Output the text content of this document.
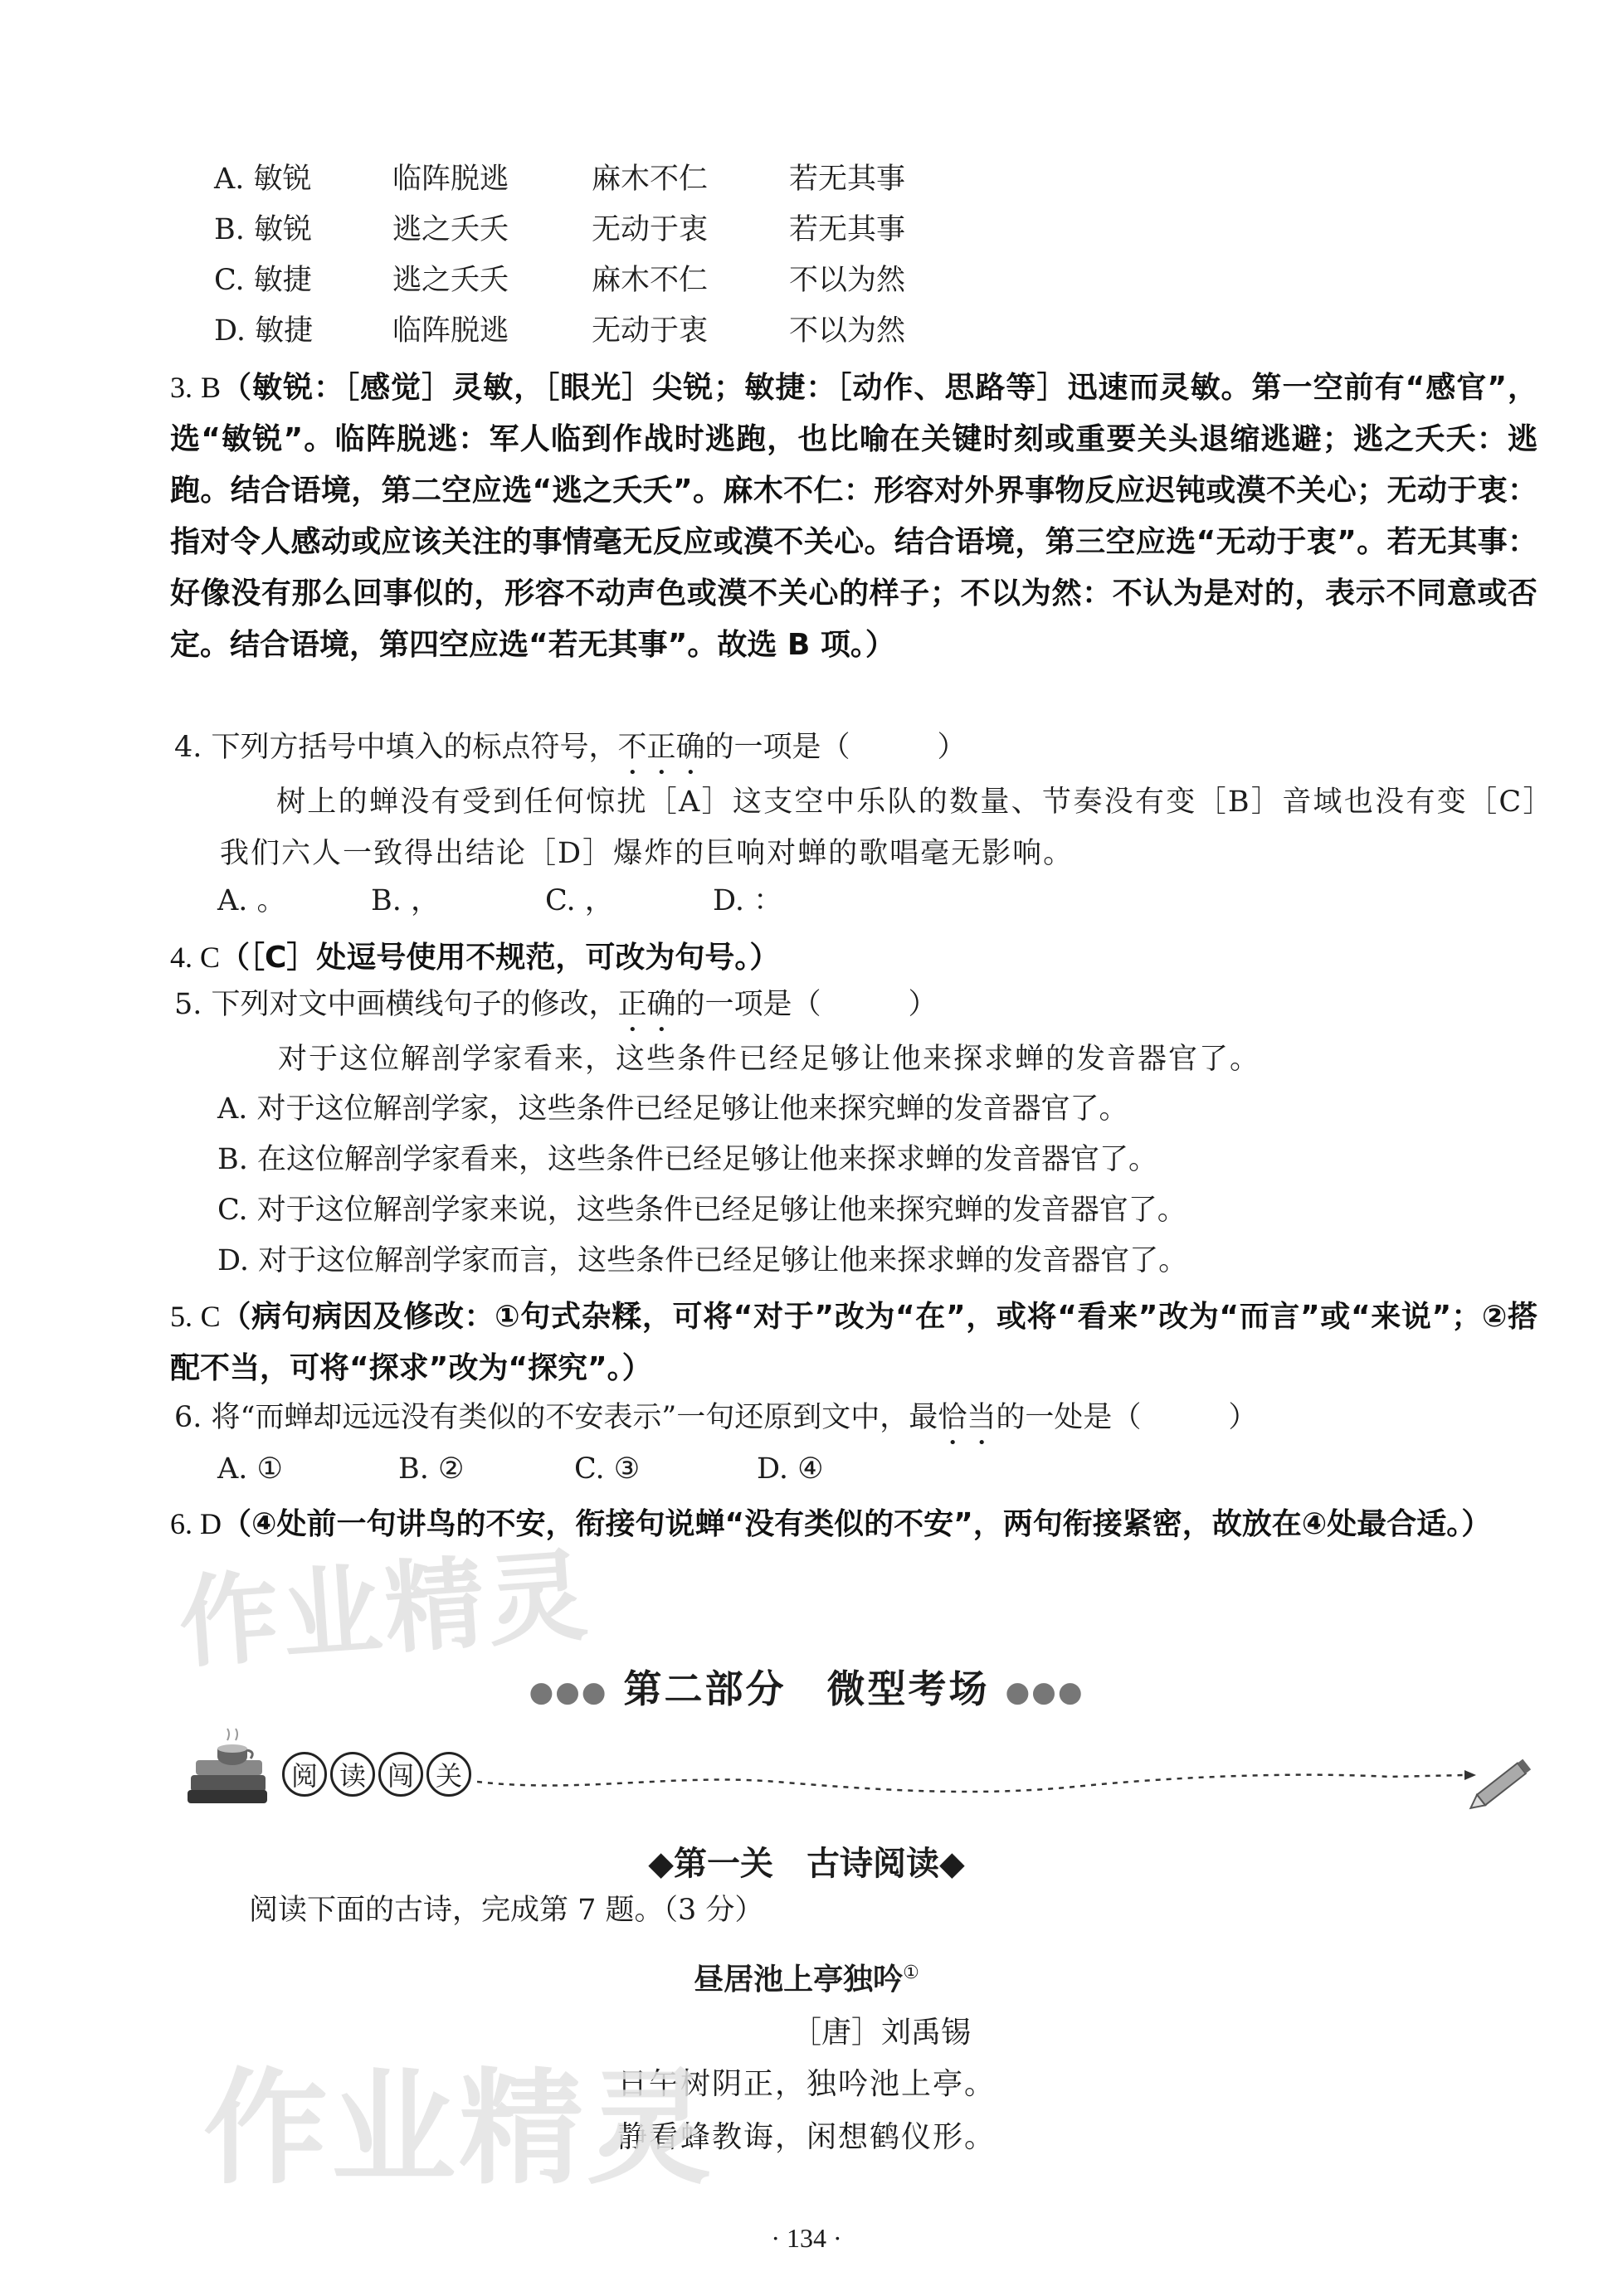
A. 敏锐	临阵脱逃	麻木不仁	若无其事
B. 敏锐	逃之夭夭	无动于衷	若无其事
C. 敏捷	逃之夭夭	麻木不仁	不以为然
D. 敏捷	临阵脱逃	无动于衷	不以为然
3. B（敏锐：［感觉］灵敏，［眼光］尖锐；敏捷：［动作、思路等］迅速而灵敏。第一空前有“感官”，选“敏锐”。临阵脱逃：军人临到作战时逃跑，也比喻在关键时刻或重要关头退缩逃避；逃之夭夭：逃跑。结合语境，第二空应选“逃之夭夭”。麻木不仁：形容对外界事物反应迟钝或漠不关心；无动于衷：指对令人感动或应该关注的事情毫无反应或漠不关心。结合语境，第三空应选“无动于衷”。若无其事：好像没有那么回事似的，形容不动声色或漠不关心的样子；不以为然：不认为是对的，表示不同意或否定。结合语境，第四空应选“若无其事”。故选 B 项。）
4. 下列方括号中填入的标点符号，不正确的一项是（　　　）
树上的蝉没有受到任何惊扰［A］这支空中乐队的数量、节奏没有变［B］音域也没有变［C］我们六人一致得出结论［D］爆炸的巨响对蝉的歌唱毫无影响。
A. 。	B. ，	C. ，	D. ：
4. C（［C］处逗号使用不规范，可改为句号。）
5. 下列对文中画横线句子的修改，正确的一项是（　　　）
对于这位解剖学家看来，这些条件已经足够让他来探求蝉的发音器官了。
A. 对于这位解剖学家，这些条件已经足够让他来探究蝉的发音器官了。
B. 在这位解剖学家看来，这些条件已经足够让他来探求蝉的发音器官了。
C. 对于这位解剖学家来说，这些条件已经足够让他来探究蝉的发音器官了。
D. 对于这位解剖学家而言，这些条件已经足够让他来探求蝉的发音器官了。
5. C（病句病因及修改：①句式杂糅，可将“对于”改为“在”，或将“看来”改为“而言”或“来说”；②搭配不当，可将“探求”改为“探究”。）
6. 将“而蝉却远远没有类似的不安表示”一句还原到文中，最恰当的一处是（　　　）
A. ①	B. ②	C. ③	D. ④
6. D（④处前一句讲鸟的不安，衔接句说蝉“没有类似的不安”，两句衔接紧密，故放在④处最合适。）
作业精灵
●●● 第二部分　微型考场 ●●●
阅 读 闯 关
◆第一关　古诗阅读◆
阅读下面的古诗，完成第 7 题。（3 分）
昼居池上亭独吟①
［唐］刘禹锡
日午树阴正，独吟池上亭。
静看蜂教诲，闲想鹤仪形。
作业精灵
· 134 ·
